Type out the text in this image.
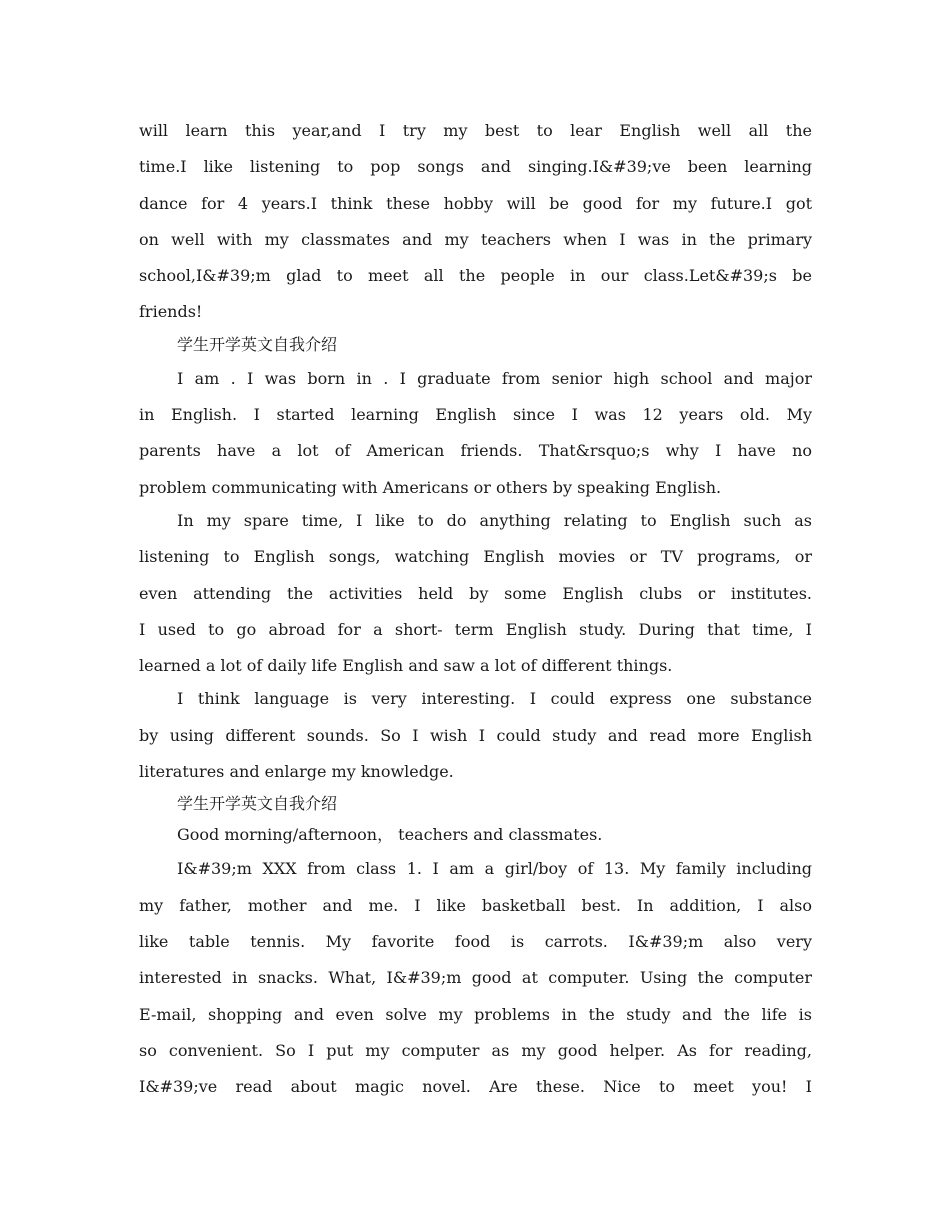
will learn this year,and I try my best to lear English well all the
time.I like listening to pop songs and singing.I&#39;ve been learning
dance for 4 years.I think these hobby will be good for my future.I got
on well with my classmates and my teachers when I was in the primary
school,I&#39;m glad to meet all the people in our class.Let&#39;s be
friends!
学生开学英文自我介绍
I am . I was born in . I graduate from senior high school and major
in English. I started learning English since I was 12 years old. My
parents have a lot of American friends. That&rsquo;s why I have no
problem communicating with Americans or others by speaking English.
In my spare time, I like to do anything relating to English such as
listening to English songs, watching English movies or TV programs, or
even attending the activities held by some English clubs or institutes.
I used to go abroad for a short- term English study. During that time, I
learned a lot of daily life English and saw a lot of different things.
I think language is very interesting. I could express one substance
by using different sounds. So I wish I could study and read more English
literatures and enlarge my knowledge.
学生开学英文自我介绍
Good morning/afternoon， teachers and classmates.
I&#39;m XXX from class 1. I am a girl/boy of 13. My family including
my father, mother and me. I like basketball best. In addition, I also
like table tennis. My favorite food is carrots. I&#39;m also very
interested in snacks. What, I&#39;m good at computer. Using the computer
E-mail, shopping and even solve my problems in the study and the life is
so convenient. So I put my computer as my good helper. As for reading,
I&#39;ve read about magic novel. Are these. Nice to meet you! I
